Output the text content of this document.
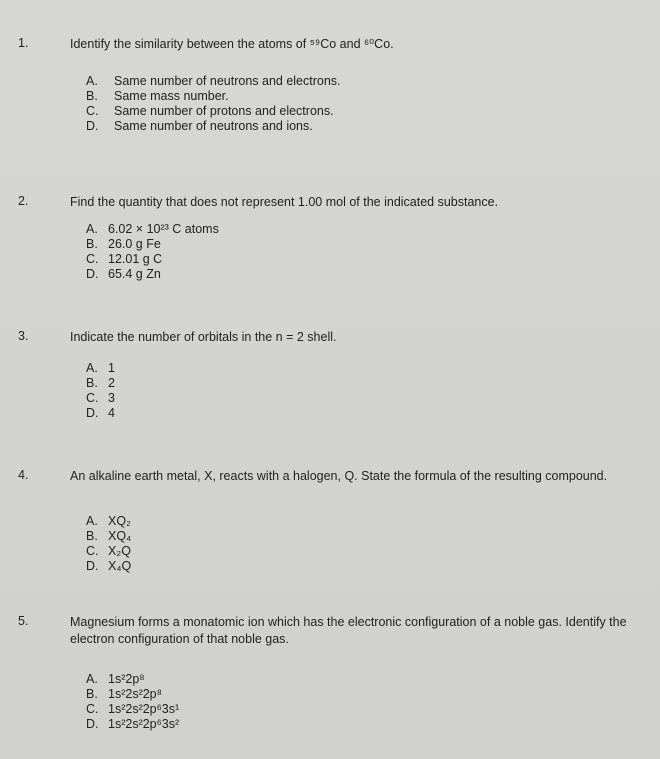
1.	Identify the similarity between the atoms of ⁵⁹Co and ⁶⁰Co.
A.	Same number of neutrons and electrons.
B.	Same mass number.
C.	Same number of protons and electrons.
D.	Same number of neutrons and ions.
2.	Find the quantity that does not represent 1.00 mol of the indicated substance.
A. 6.02 × 10²³ C atoms
B. 26.0 g Fe
C. 12.01 g C
D. 65.4 g Zn
3.	Indicate the number of orbitals in the n = 2 shell.
A. 1
B. 2
C. 3
D. 4
4.	An alkaline earth metal, X, reacts with a halogen, Q. State the formula of the resulting compound.
A. XQ₂
B. XQ₄
C. X₂Q
D. X₄Q
5.	Magnesium forms a monatomic ion which has the electronic configuration of a noble gas. Identify the electron configuration of that noble gas.
A. 1s²2p⁸
B. 1s²2s²2p⁸
C. 1s²2s²2p⁶3s¹
D. 1s²2s²2p⁶3s²
